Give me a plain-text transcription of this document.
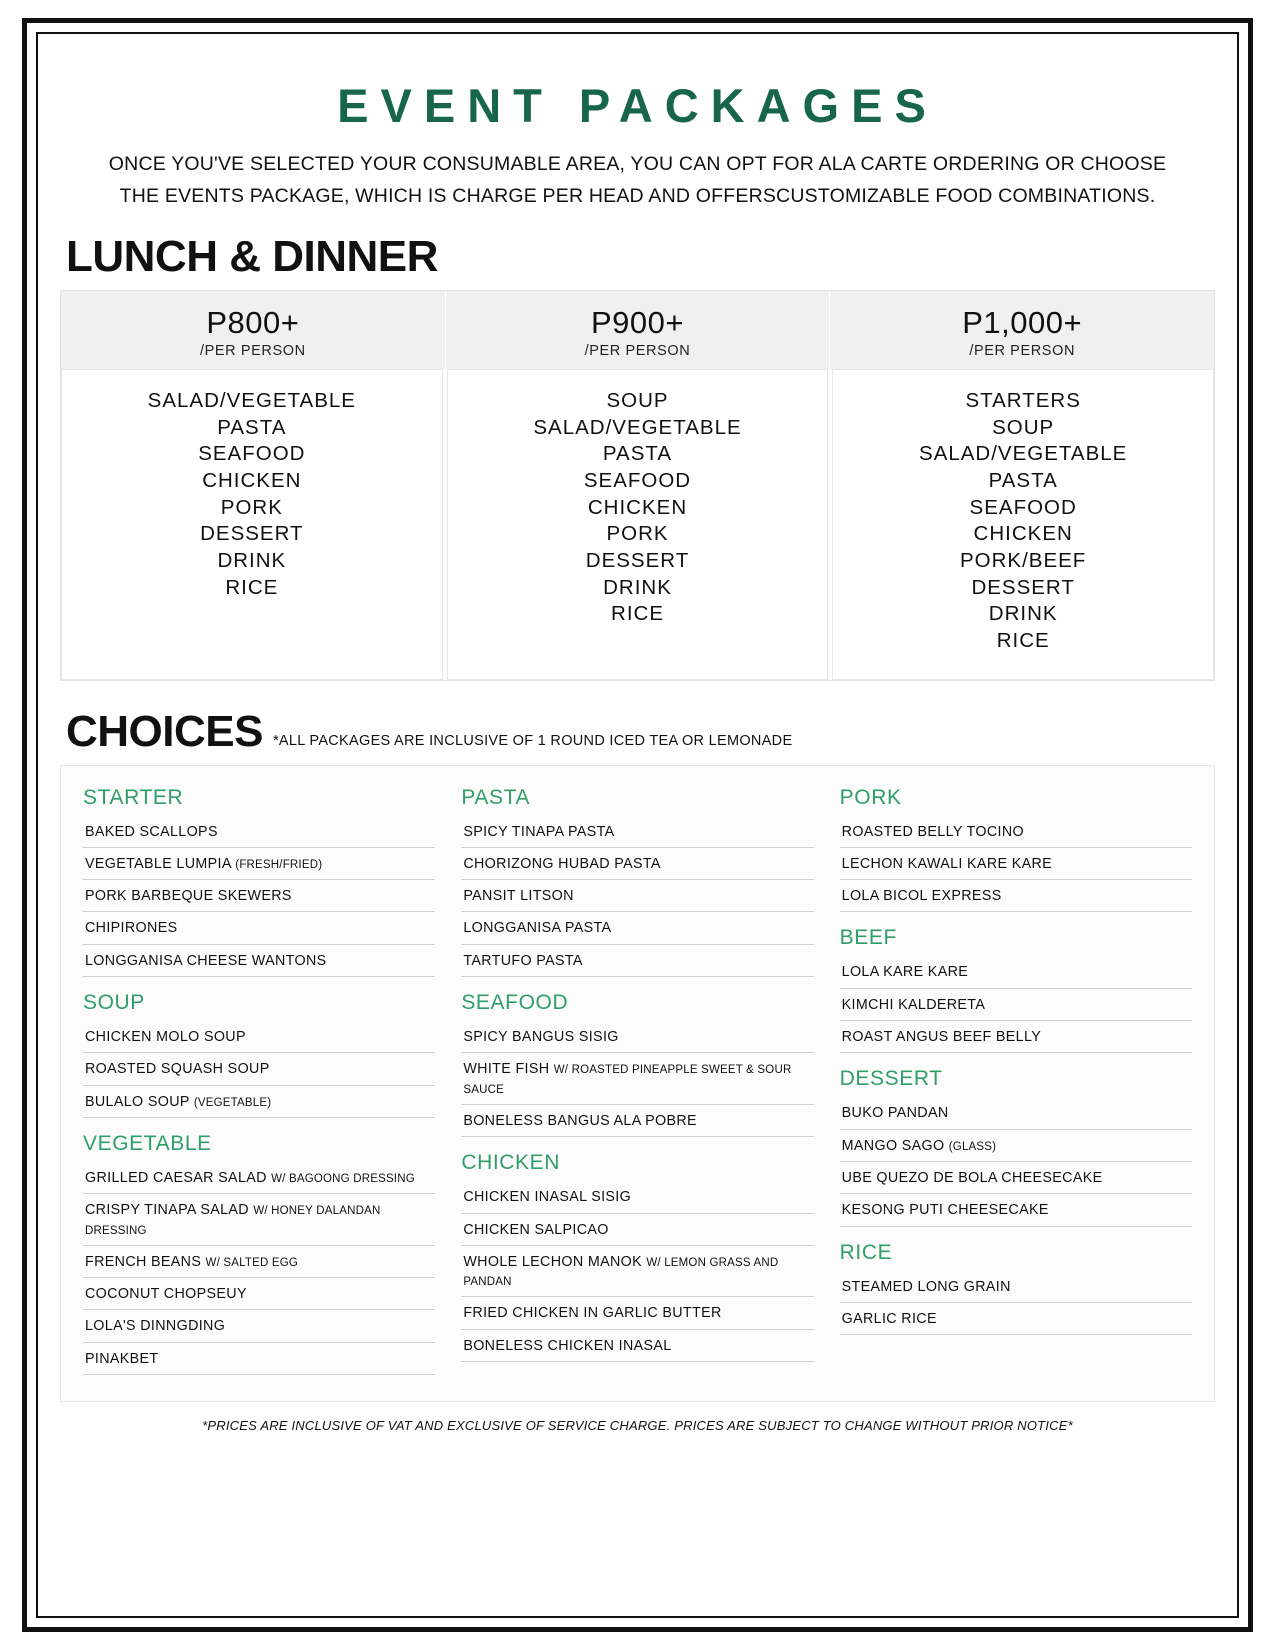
EVENT PACKAGES
ONCE YOU'VE SELECTED YOUR CONSUMABLE AREA, YOU CAN OPT FOR ALA CARTE ORDERING OR CHOOSE THE EVENTS PACKAGE, WHICH IS CHARGE PER HEAD AND OFFERSCUSTOMIZABLE FOOD COMBINATIONS.
LUNCH & DINNER
P800+
/PER PERSON
P900+
/PER PERSON
P1,000+
/PER PERSON
SALAD/VEGETABLE
PASTA
SEAFOOD
CHICKEN
PORK
DESSERT
DRINK
RICE
SOUP
SALAD/VEGETABLE
PASTA
SEAFOOD
CHICKEN
PORK
DESSERT
DRINK
RICE
STARTERS
SOUP
SALAD/VEGETABLE
PASTA
SEAFOOD
CHICKEN
PORK/BEEF
DESSERT
DRINK
RICE
CHOICES *ALL PACKAGES ARE INCLUSIVE OF 1 ROUND ICED TEA OR LEMONADE
STARTER
BAKED SCALLOPS
VEGETABLE LUMPIA (FRESH/FRIED)
PORK BARBEQUE SKEWERS
CHIPIRONES
LONGGANISA CHEESE WANTONS
SOUP
CHICKEN MOLO SOUP
ROASTED SQUASH SOUP
BULALO SOUP (VEGETABLE)
VEGETABLE
GRILLED CAESAR SALAD W/ BAGOONG DRESSING
CRISPY TINAPA SALAD W/ HONEY DALANDAN DRESSING
FRENCH BEANS W/ SALTED EGG
COCONUT CHOPSEUY
LOLA'S DINNGDING
PINAKBET
PASTA
SPICY TINAPA PASTA
CHORIZONG HUBAD PASTA
PANSIT LITSON
LONGGANISA PASTA
TARTUFO PASTA
SEAFOOD
SPICY BANGUS SISIG
WHITE FISH W/ ROASTED PINEAPPLE SWEET & SOUR SAUCE
BONELESS BANGUS ALA POBRE
CHICKEN
CHICKEN INASAL SISIG
CHICKEN SALPICAO
WHOLE LECHON MANOK W/ LEMON GRASS AND PANDAN
FRIED CHICKEN IN GARLIC BUTTER
BONELESS CHICKEN INASAL
PORK
ROASTED BELLY TOCINO
LECHON KAWALI KARE KARE
LOLA BICOL EXPRESS
BEEF
LOLA KARE KARE
KIMCHI KALDERETA
ROAST ANGUS BEEF BELLY
DESSERT
BUKO PANDAN
MANGO SAGO (GLASS)
UBE QUEZO DE BOLA CHEESECAKE
KESONG PUTI CHEESECAKE
RICE
STEAMED LONG GRAIN
GARLIC RICE
*PRICES ARE INCLUSIVE OF VAT AND EXCLUSIVE OF SERVICE CHARGE. PRICES ARE SUBJECT TO CHANGE WITHOUT PRIOR NOTICE*
